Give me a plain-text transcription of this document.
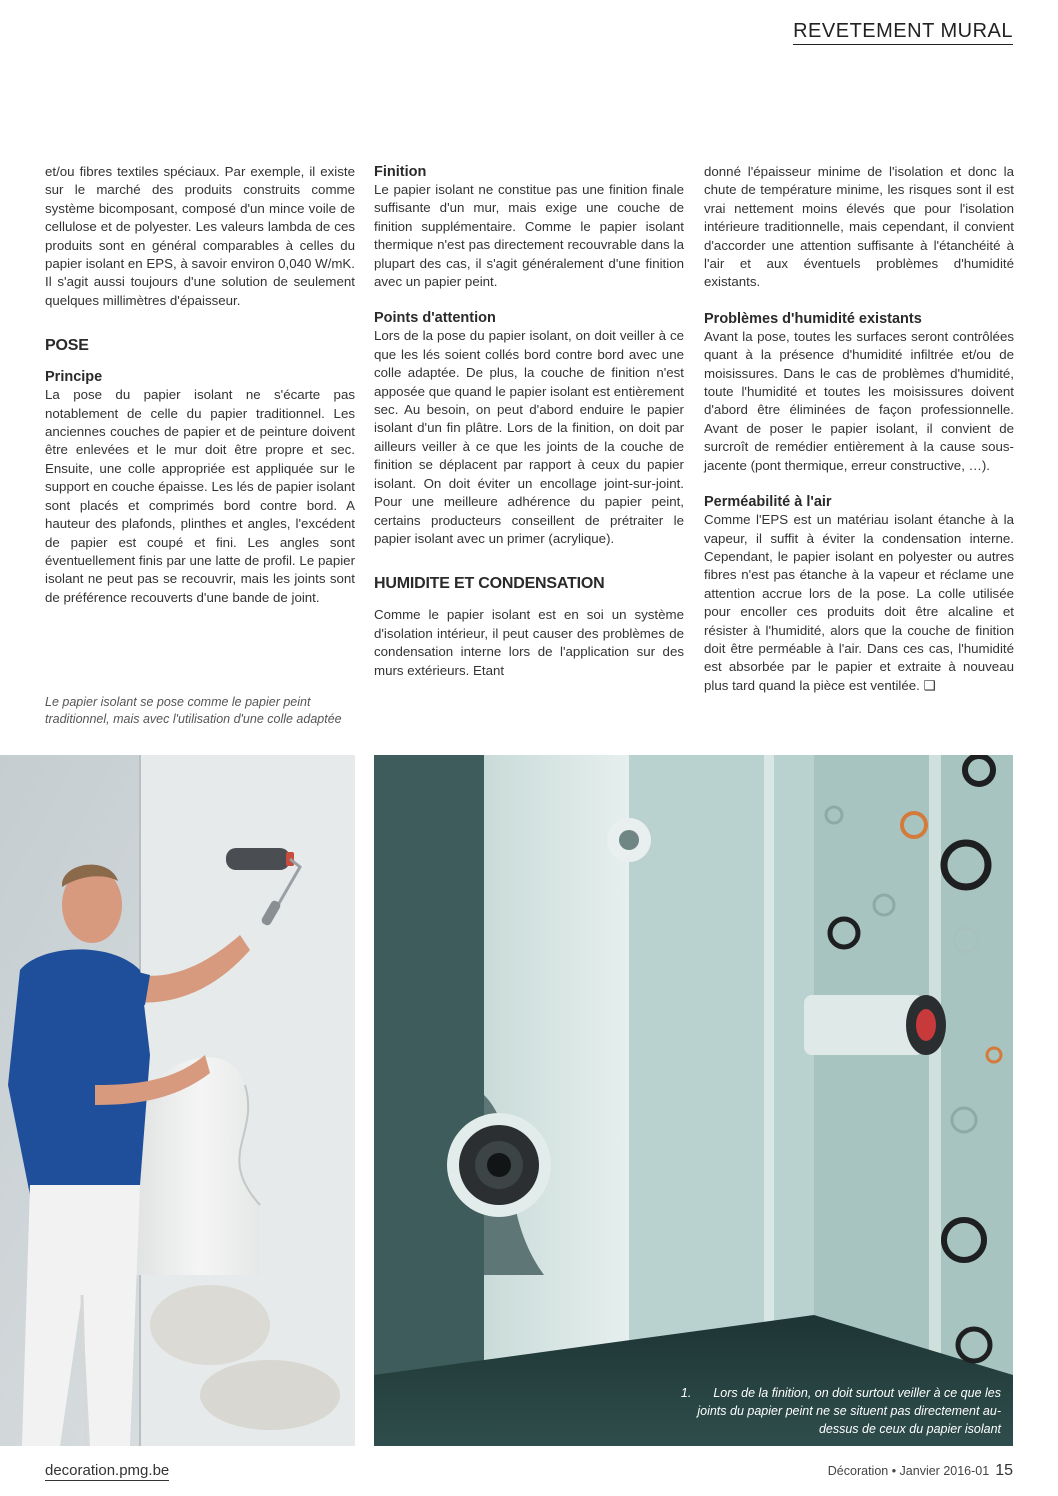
REVETEMENT MURAL

et/ou fibres textiles spéciaux. Par exemple, il existe sur le marché des produits construits comme système bicomposant, composé d'un mince voile de cellulose et de polyester. Les valeurs lambda de ces produits sont en général comparables à celles du papier isolant en EPS, à savoir environ 0,040 W/mK. Il s'agit aussi toujours d'une solution de seulement quelques millimètres d'épaisseur.

POSE
Principe

La pose du papier isolant ne s'écarte pas notablement de celle du papier traditionnel. Les anciennes couches de papier et de peinture doivent être enlevées et le mur doit être propre et sec. Ensuite, une colle appropriée est appliquée sur le support en couche épaisse. Les lés de papier isolant sont placés et comprimés bord contre bord. A hauteur des plafonds, plinthes et angles, l'excédent de papier est coupé et fini. Les angles sont éventuellement finis par une latte de profil. Le papier isolant ne peut pas se recouvrir, mais les joints sont de préférence recouverts d'une bande de joint.

Le papier isolant se pose comme le papier peint traditionnel, mais avec l'utilisation d'une colle adaptée
Finition

Le papier isolant ne constitue pas une finition finale suffisante d'un mur, mais exige une couche de finition supplémentaire. Comme le papier isolant thermique n'est pas directement recouvrable dans la plupart des cas, il s'agit généralement d'une finition avec un papier peint.

Points d'attention

Lors de la pose du papier isolant, on doit veiller à ce que les lés soient collés bord contre bord avec une colle adaptée. De plus, la couche de finition n'est apposée que quand le papier isolant est entièrement sec. Au besoin, on peut d'abord enduire le papier isolant d'un fin plâtre. Lors de la finition, on doit par ailleurs veiller à ce que les joints de la couche de finition se déplacent par rapport à ceux du papier isolant. On doit éviter un encollage joint-sur-joint. Pour une meilleure adhérence du papier peint, certains producteurs conseillent de prétraiter le papier isolant avec un primer (acrylique).

HUMIDITE ET CONDENSATION

Comme le papier isolant est en soi un système d'isolation intérieur, il peut causer des problèmes de condensation interne lors de l'application sur des murs extérieurs. Etant

donné l'épaisseur minime de l'isolation et donc la chute de température minime, les risques sont il est vrai nettement moins élevés que pour l'isolation intérieure traditionnelle, mais cependant, il convient d'accorder une attention suffisante à l'étanchéité à l'air et aux éventuels problèmes d'humidité existants.

Problèmes d'humidité existants

Avant la pose, toutes les surfaces seront contrôlées quant à la présence d'humidité infiltrée et/ou de moisissures. Dans le cas de problèmes d'humidité, toute l'humidité et toutes les moisissures doivent d'abord être éliminées de façon professionnelle. Avant de poser le papier isolant, il convient de surcroît de remédier entièrement à la cause sous-jacente (pont thermique, erreur constructive, …).

Perméabilité à l'air

Comme l'EPS est un matériau isolant étanche à la vapeur, il suffit à éviter la condensation interne. Cependant, le papier isolant en polyester ou autres fibres n'est pas étanche à la vapeur et réclame une attention accrue lors de la pose. La colle utilisée pour encoller ces produits doit être alcaline et résister à l'humidité, alors que la couche de finition doit être perméable à l'air. Dans ces cas, l'humidité est absorbée par le papier et extraite à nouveau plus tard quand la pièce est ventilée. ❑

1. Lors de la finition, on doit surtout veiller à ce que les joints du papier peint ne se situent pas directement au-dessus de ceux du papier isolant
decoration.pmg.be	Décoration • Janvier 2016-01 15
